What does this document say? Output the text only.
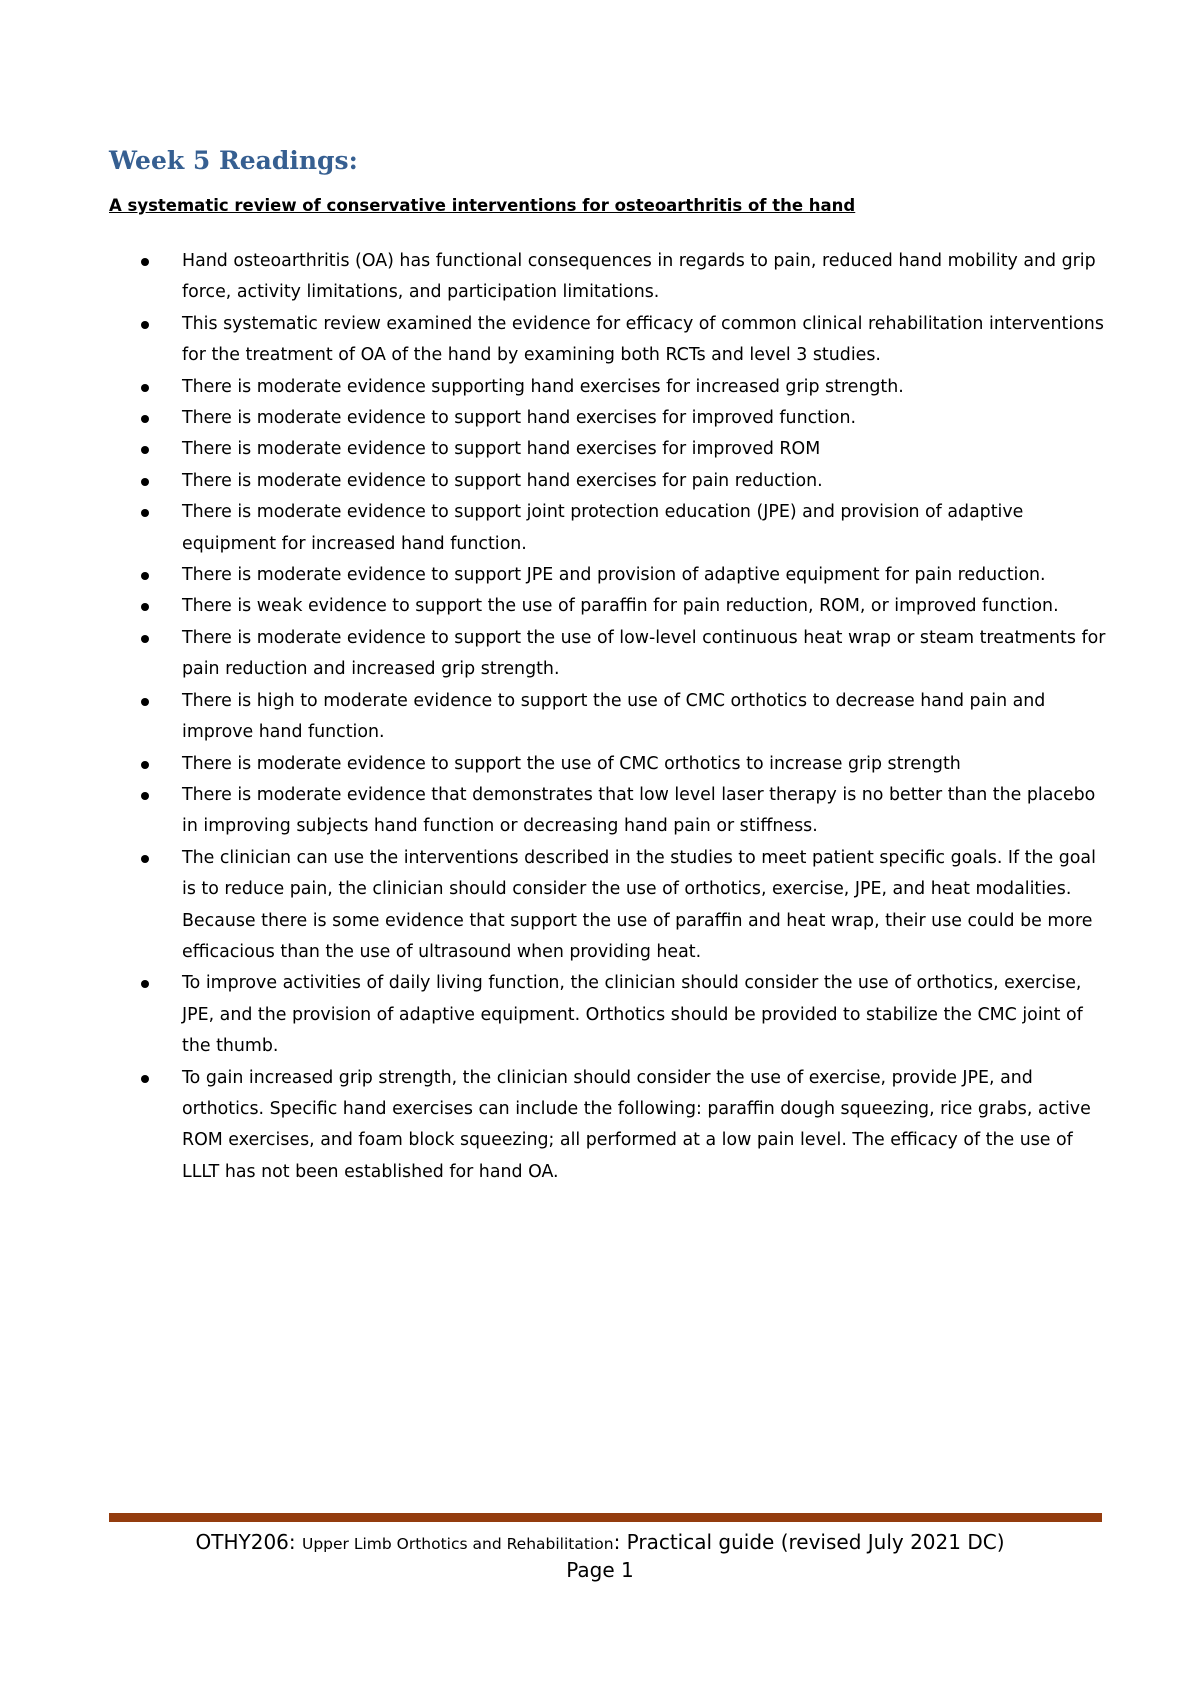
Week 5 Readings:
A systematic review of conservative interventions for osteoarthritis of the hand
Hand osteoarthritis (OA) has functional consequences in regards to pain, reduced hand mobility and grip force, activity limitations, and participation limitations.
This systematic review examined the evidence for efficacy of common clinical rehabilitation interventions for the treatment of OA of the hand by examining both RCTs and level 3 studies.
There is moderate evidence supporting hand exercises for increased grip strength.
There is moderate evidence to support hand exercises for improved function.
There is moderate evidence to support hand exercises for improved ROM
There is moderate evidence to support hand exercises for pain reduction.
There is moderate evidence to support joint protection education (JPE) and provision of adaptive equipment for increased hand function.
There is moderate evidence to support JPE and provision of adaptive equipment for pain reduction.
There is weak evidence to support the use of paraffin for pain reduction, ROM, or improved function.
There is moderate evidence to support the use of low-level continuous heat wrap or steam treatments for pain reduction and increased grip strength.
There is high to moderate evidence to support the use of CMC orthotics to decrease hand pain and improve hand function.
There is moderate evidence to support the use of CMC orthotics to increase grip strength
There is moderate evidence that demonstrates that low level laser therapy is no better than the placebo in improving subjects hand function or decreasing hand pain or stiffness.
The clinician can use the interventions described in the studies to meet patient specific goals. If the goal is to reduce pain, the clinician should consider the use of orthotics, exercise, JPE, and heat modalities. Because there is some evidence that support the use of paraffin and heat wrap, their use could be more efficacious than the use of ultrasound when providing heat.
To improve activities of daily living function, the clinician should consider the use of orthotics, exercise, JPE, and the provision of adaptive equipment. Orthotics should be provided to stabilize the CMC joint of the thumb.
To gain increased grip strength, the clinician should consider the use of exercise, provide JPE, and orthotics. Specific hand exercises can include the following: paraffin dough squeezing, rice grabs, active ROM exercises, and foam block squeezing; all performed at a low pain level. The efficacy of the use of LLLT has not been established for hand OA.
OTHY206: Upper Limb Orthotics and Rehabilitation: Practical guide (revised July 2021 DC)
Page 1
